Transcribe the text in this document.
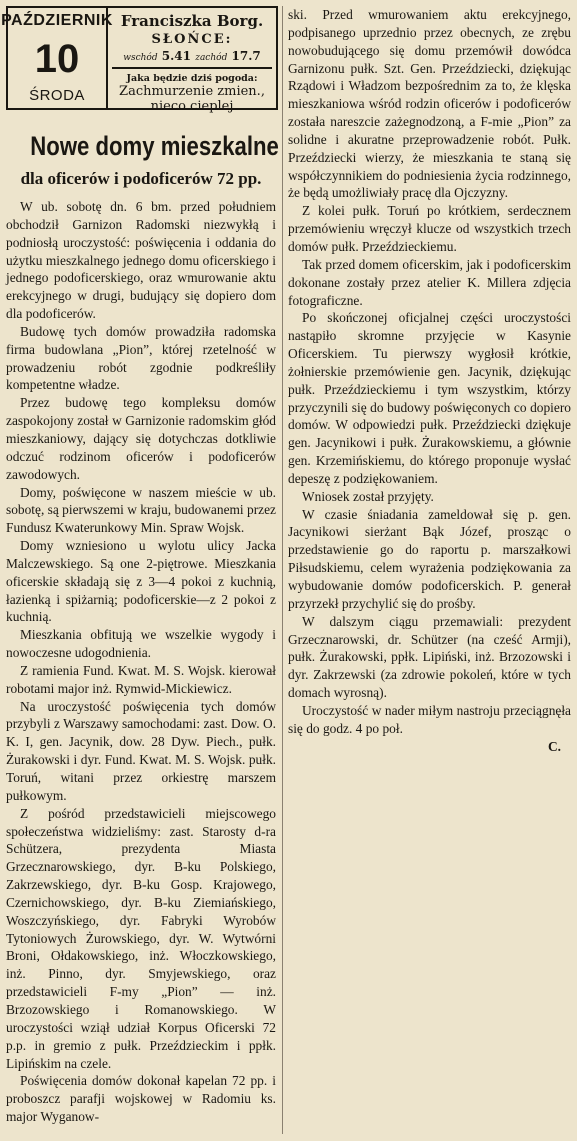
PAŹDZIERNIK
10
ŚRODA
Franciszka Borg.
SŁOŃCE:
wschód 5.41 zachód 17.7
Jaka będzie dziś pogoda:
Zachmurzenie zmien., nieco cieplej
Nowe domy mieszkalne
dla oficerów i podoficerów 72 pp.

W ub. sobotę dn. 6 bm. przed południem obchodził Garnizon Radomski niezwykłą i podniosłą uroczystość: poświęcenia i oddania do użytku mieszkalnego jednego domu oficerskiego i jednego podoficerskiego, oraz wmurowanie aktu erekcyjnego w drugi, budujący się dopiero dom dla podoficerów.

Budowę tych domów prowadziła radomska firma budowlana „Pion”, której rzetelność w prowadzeniu robót zgodnie podkreśliły kompetentne władze.

Przez budowę tego kompleksu domów zaspokojony został w Garnizonie radomskim głód mieszkaniowy, dający się dotychczas dotkliwie odczuć rodzinom oficerów i podoficerów zawodowych.

Domy, poświęcone w naszem mieście w ub. sobotę, są pierwszemi w kraju, budowanemi przez Fundusz Kwaterunkowy Min. Spraw Wojsk.

Domy wzniesiono u wylotu ulicy Jacka Malczewskiego. Są one 2-piętrowe. Mieszkania oficerskie składają się z 3—4 pokoi z kuchnią, łazienką i spiżarnią; podoficerskie—z 2 pokoi z kuchnią.

Mieszkania obfitują we wszelkie wygody i nowoczesne udogodnienia.

Z ramienia Fund. Kwat. M. S. Wojsk. kierował robotami major inż. Rymwid-Mickiewicz.

Na uroczystość poświęcenia tych domów przybyli z Warszawy samochodami: zast. Dow. O. K. I, gen. Jacynik, dow. 28 Dyw. Piech., pułk. Żurakowski i dyr. Fund. Kwat. M. S. Wojsk. pułk. Toruń, witani przez orkiestrę marszem pułkowym.

Z pośród przedstawicieli miejscowego społeczeństwa widzieliśmy: zast. Starosty d-ra Schützera, prezydenta Miasta Grzecznarowskiego, dyr. B-ku Polskiego, Zakrzewskiego, dyr. B-ku Gosp. Krajowego, Czernichowskiego, dyr. B-ku Ziemiańskiego, Woszczyńskiego, dyr. Fabryki Wyrobów Tytoniowych Żurowskiego, dyr. W. Wytwórni Broni, Ołdakowskiego, inż. Włoczkowskiego, inż. Pinno, dyr. Smyjewskiego, oraz przedstawicieli F-my „Pion” — inż. Brzozowskiego i Romanowskiego. W uroczystości wziął udział Korpus Oficerski 72 p.p. in gremio z pułk. Przeździeckim i ppłk. Lipińskim na czele.

Poświęcenia domów dokonał kapelan 72 pp. i proboszcz parafji wojskowej w Radomiu ks. major Wyganow-

ski. Przed wmurowaniem aktu erekcyjnego, podpisanego uprzednio przez obecnych, ze zrębu nowobudującego się domu przemówił dowódca Garnizonu pułk. Szt. Gen. Przeździecki, dziękując Rządowi i Władzom bezpośrednim za to, że klęska mieszkaniowa wśród rodzin oficerów i podoficerów została nareszcie zażegnodzoną, a F-mie „Pion” za solidne i akuratne przeprowadzenie robót. Pułk. Przeździecki wierzy, że mieszkania te staną się współczynnikiem do podniesienia życia rodzinnego, że będą umożliwiały pracę dla Ojczyzny.

Z kolei pułk. Toruń po krótkiem, serdecznem przemówieniu wręczył klucze od wszystkich trzech domów pułk. Przeździeckiemu.

Tak przed domem oficerskim, jak i podoficerskim dokonane zostały przez atelier K. Millera zdjęcia fotograficzne.

Po skończonej oficjalnej części uroczystości nastąpiło skromne przyjęcie w Kasynie Oficerskiem. Tu pierwszy wygłosił krótkie, żołnierskie przemówienie gen. Jacynik, dziękując pułk. Przeździeckiemu i tym wszystkim, którzy przyczynili się do budowy poświęconych co dopiero domów. W odpowiedzi pułk. Przeździecki dziękuje gen. Jacynikowi i pułk. Żurakowskiemu, a głównie gen. Krzemińskiemu, do którego proponuje wysłać depeszę z podziękowaniem.

Wniosek został przyjęty.

W czasie śniadania zameldował się p. gen. Jacynikowi sierżant Bąk Józef, prosząc o przedstawienie go do raportu p. marszałkowi Piłsudskiemu, celem wyrażenia podziękowania za wybudowanie domów podoficerskich. P. generał przyrzekł przychylić się do prośby.

W dalszym ciągu przemawiali: prezydent Grzecznarowski, dr. Schützer (na cześć Armji), pułk. Żurakowski, ppłk. Lipiński, inż. Brzozowski i dyr. Zakrzewski (za zdrowie pokoleń, które w tych domach wyrosną).

Uroczystość w nader miłym nastroju przeciągnęła się do godz. 4 po poł.

C.
